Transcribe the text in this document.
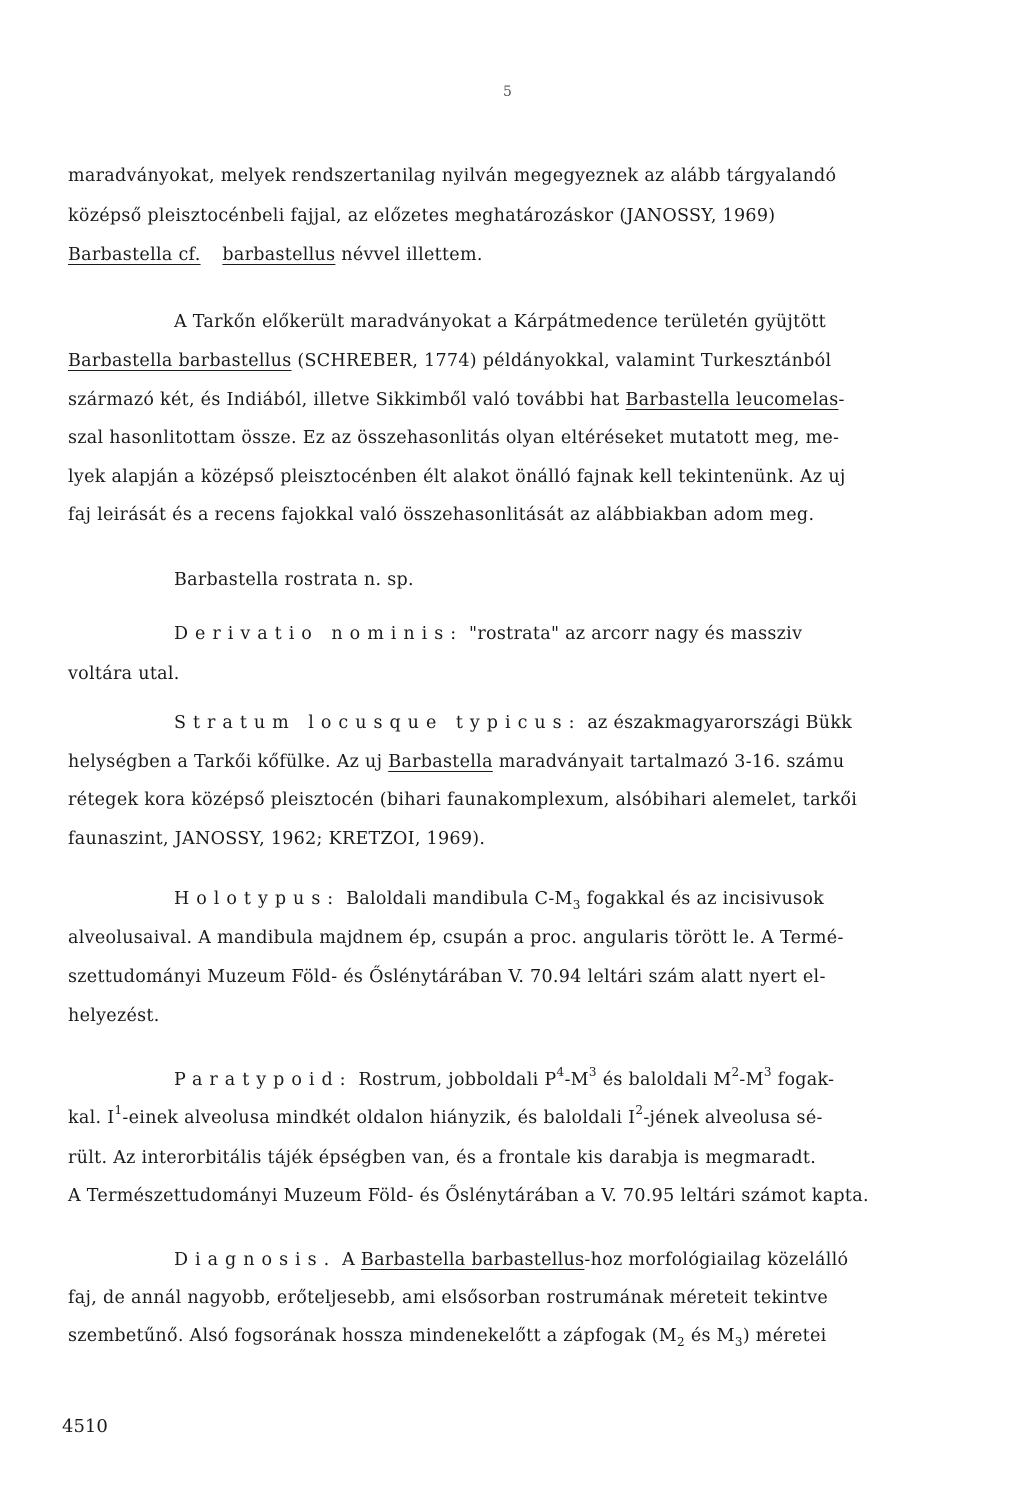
5
maradványokat, melyek rendszertanilag nyilván megegyeznek az alább tárgyalandó
középső pleisztocénbeli fajjal, az előzetes meghatározáskor (JANOSSY, 1969)
Barbastella cf. barbastellus névvel illettem.
A Tarkőn előkerült maradványokat a Kárpátmedence területén gyüjtött
Barbastella barbastellus (SCHREBER, 1774) példányokkal, valamint Turkesztánból
származó két, és Indiából, illetve Sikkimből való további hat Barbastella leucomelas-
szal hasonlitottam össze. Ez az összehasonlitás olyan eltéréseket mutatott meg, me-
lyek alapján a középső pleisztocénben élt alakot önálló fajnak kell tekintenünk. Az uj
faj leirását és a recens fajokkal való összehasonlitását az alábbiakban adom meg.
Barbastella rostrata n. sp.
Derivatio nominis: "rostrata" az arcorr nagy és massziv
voltára utal.
Stratum locusque typicus: az északmagyarországi Bükk
helységben a Tarkői kőfülke. Az uj Barbastella maradványait tartalmazó 3-16. számu
rétegek kora középső pleisztocén (bihari faunakomplexum, alsóbihari alemelet, tarkői
faunaszint, JANOSSY, 1962; KRETZOI, 1969).
Holotypus: Baloldali mandibula $C-M_3$ fogakkal és az incisivusok
alveolusaival. A mandibula majdnem ép, csupán a proc. angularis törött le. A Termé-
szettudományi Muzeum Föld- és Őslénytárában V. 70.94 leltári szám alatt nyert el-
helyezést.
Paratypoid: Rostrum, jobboldali $P^4-M^3$ és baloldali $M^2-M^3$ fogak-
kal. $I^1$-einek alveolusa mindkét oldalon hiányzik, és baloldali $I^2$-jének alveolusa sé-
rült. Az interorbitális tájék épségben van, és a frontale kis darabja is megmaradt.
A Természettudományi Muzeum Föld- és Őslénytárában a V. 70.95 leltári számot kapta.
Diagnosis. A Barbastella barbastellus-hoz morfológiailag közelálló
faj, de annál nagyobb, erőteljesebb, ami elsősorban rostrumának méreteit tekintve
szembetűnő. Alsó fogsorának hossza mindenekelőtt a zápfogak ($M_2$ és $M_3$) méretei
4510
